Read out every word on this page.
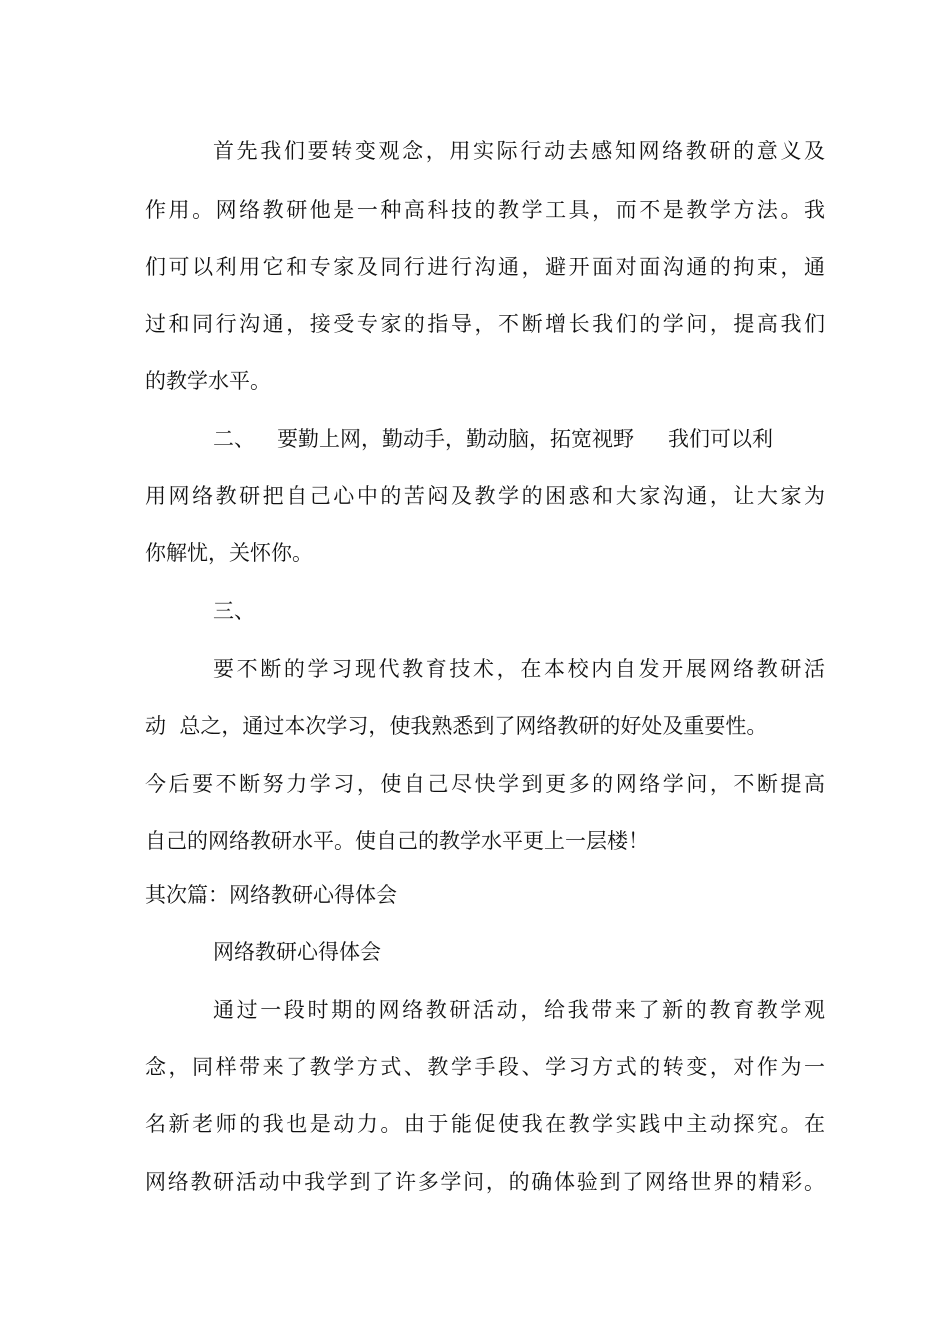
首先我们要转变观念，用实际行动去感知网络教研的意义及
作用。网络教研他是一种高科技的教学工具，而不是教学方法。我
们可以利用它和专家及同行进行沟通，避开面对面沟通的拘束，通
过和同行沟通，接受专家的指导，不断增长我们的学问，提高我们
的教学水平。
二、 要勤上网，勤动手，勤动脑，拓宽视野 我们可以利
用网络教研把自己心中的苦闷及教学的困惑和大家沟通，让大家为
你解忧，关怀你。
三、
要不断的学习现代教育技术，在本校内自发开展网络教研活
动  总之，通过本次学习，使我熟悉到了网络教研的好处及重要性。
今后要不断努力学习，使自己尽快学到更多的网络学问，不断提高
自己的网络教研水平。使自己的教学水平更上一层楼！
其次篇：网络教研心得体会
网络教研心得体会
通过一段时期的网络教研活动，给我带来了新的教育教学观
念，同样带来了教学方式、教学手段、学习方式的转变，对作为一
名新老师的我也是动力。由于能促使我在教学实践中主动探究。在
网络教研活动中我学到了许多学问，的确体验到了网络世界的精彩。
